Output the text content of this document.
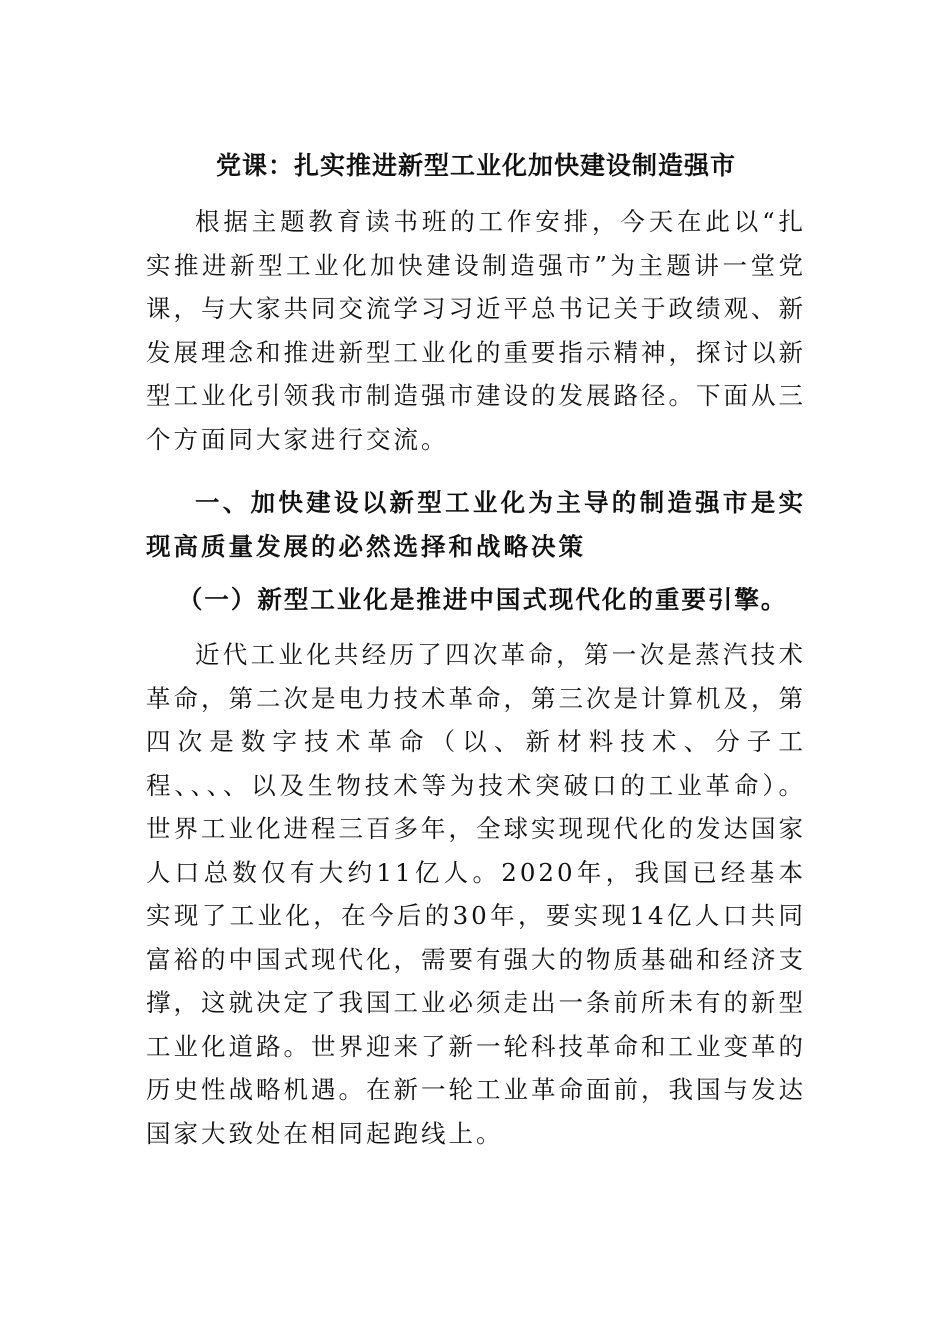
党课：扎实推进新型工业化加快建设制造强市

根据主题教育读书班的工作安排，今天在此以“扎实推进新型工业化加快建设制造强市”为主题讲一堂党课，与大家共同交流学习习近平总书记关于政绩观、新发展理念和推进新型工业化的重要指示精神，探讨以新型工业化引领我市制造强市建设的发展路径。下面从三个方面同大家进行交流。

一、加快建设以新型工业化为主导的制造强市是实现高质量发展的必然选择和战略决策
（一）新型工业化是推进中国式现代化的重要引擎。

近代工业化共经历了四次革命，第一次是蒸汽技术革命，第二次是电力技术革命，第三次是计算机及，第四次是数字技术革命（以、新材料技术、分子工程、、、、以及生物技术等为技术突破口的工业革命）。世界工业化进程三百多年，全球实现现代化的发达国家人口总数仅有大约11亿人。2020年，我国已经基本实现了工业化，在今后的30年，要实现14亿人口共同富裕的中国式现代化，需要有强大的物质基础和经济支撑，这就决定了我国工业必须走出一条前所未有的新型工业化道路。世界迎来了新一轮科技革命和工业变革的历史性战略机遇。在新一轮工业革命面前，我国与发达国家大致处在相同起跑线上。
